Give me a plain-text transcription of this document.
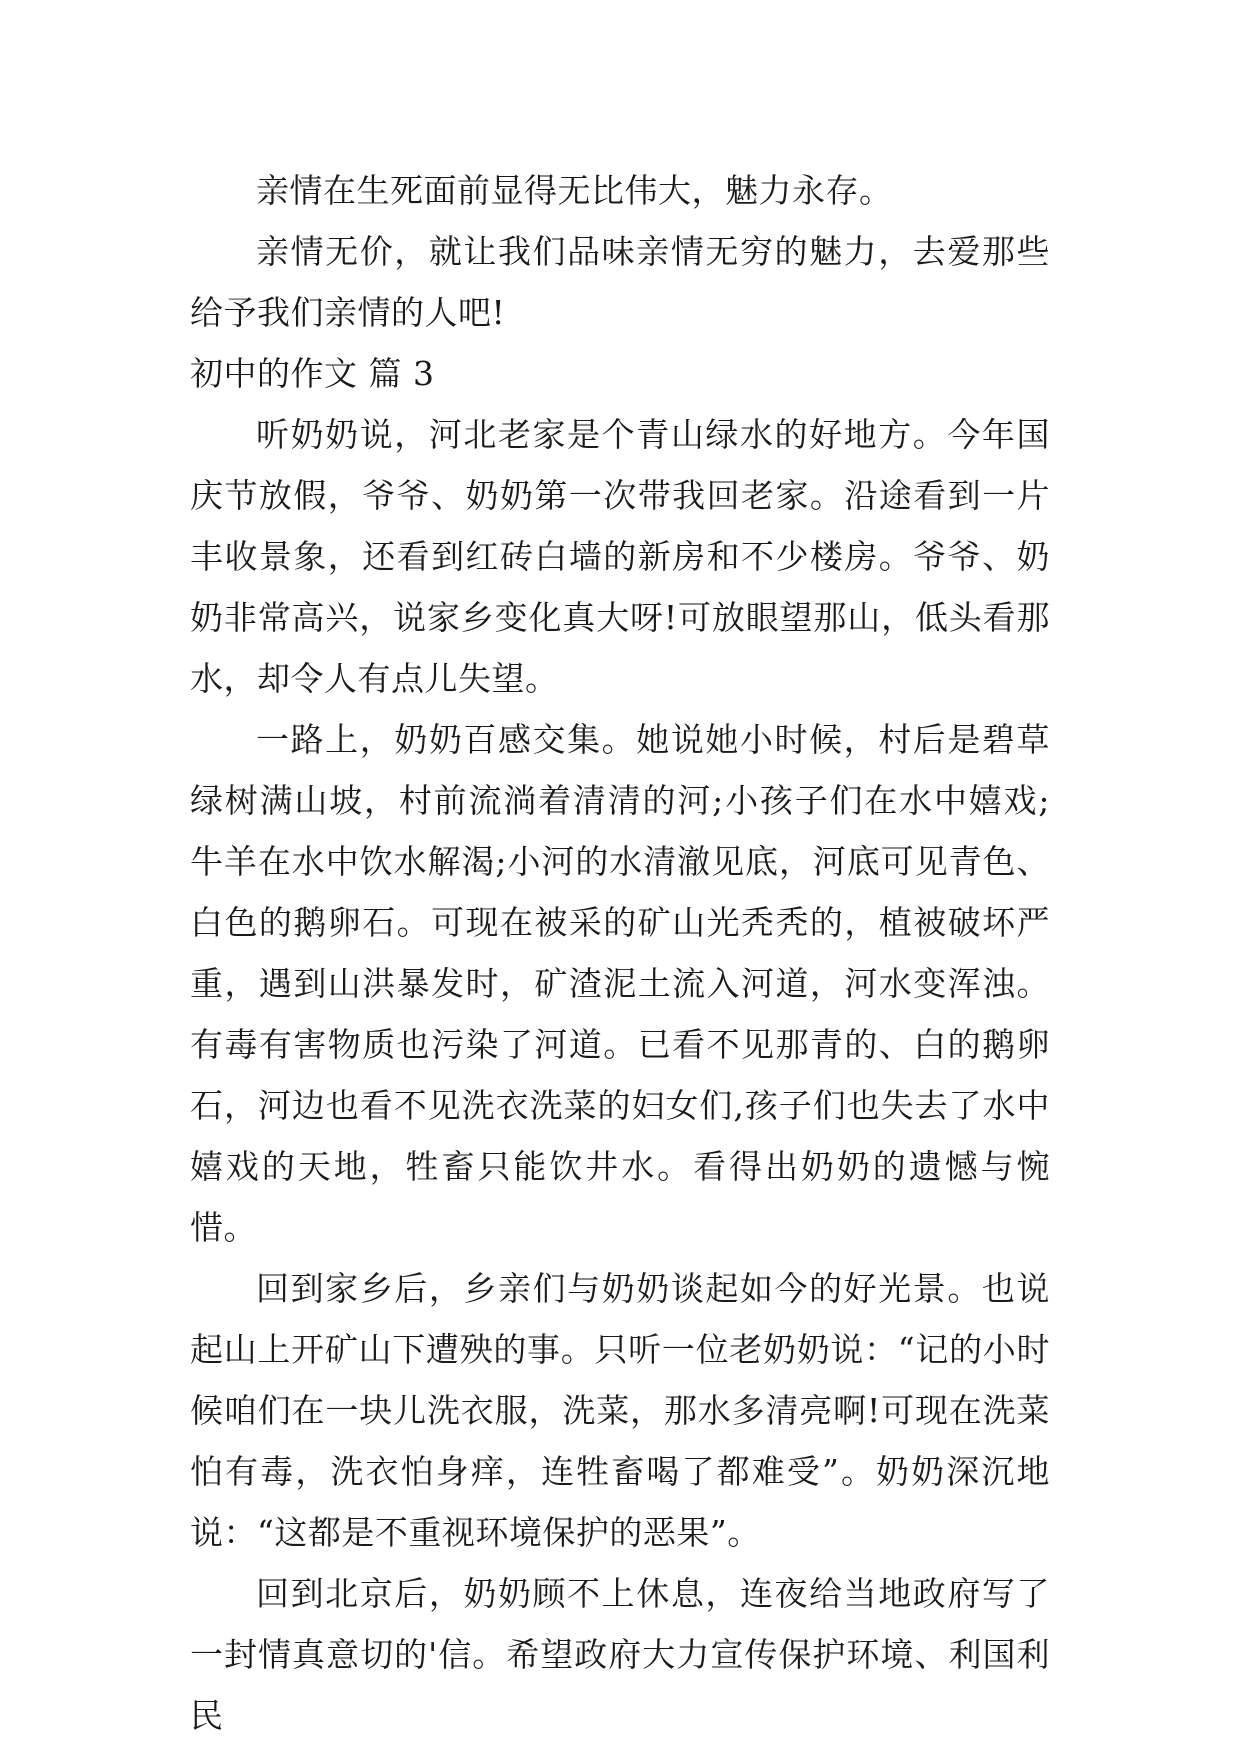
亲情在生死面前显得无比伟大，魅力永存。

亲情无价，就让我们品味亲情无穷的魅力，去爱那些给予我们亲情的人吧!

初中的作文 篇 3

听奶奶说，河北老家是个青山绿水的好地方。今年国庆节放假，爷爷、奶奶第一次带我回老家。沿途看到一片丰收景象，还看到红砖白墙的新房和不少楼房。爷爷、奶奶非常高兴，说家乡变化真大呀!可放眼望那山，低头看那水，却令人有点儿失望。

一路上，奶奶百感交集。她说她小时候，村后是碧草绿树满山坡，村前流淌着清清的河;小孩子们在水中嬉戏;牛羊在水中饮水解渴;小河的水清澈见底，河底可见青色、白色的鹅卵石。可现在被采的矿山光秃秃的，植被破坏严重，遇到山洪暴发时，矿渣泥土流入河道，河水变浑浊。有毒有害物质也污染了河道。已看不见那青的、白的鹅卵石，河边也看不见洗衣洗菜的妇女们,孩子们也失去了水中嬉戏的天地，牲畜只能饮井水。看得出奶奶的遗憾与惋惜。

回到家乡后，乡亲们与奶奶谈起如今的好光景。也说起山上开矿山下遭殃的事。只听一位老奶奶说：“记的小时候咱们在一块儿洗衣服，洗菜，那水多清亮啊!可现在洗菜怕有毒，洗衣怕身痒，连牲畜喝了都难受”。奶奶深沉地说：“这都是不重视环境保护的恶果”。

回到北京后，奶奶顾不上休息，连夜给当地政府写了一封情真意切的'信。希望政府大力宣传保护环境、利国利民
